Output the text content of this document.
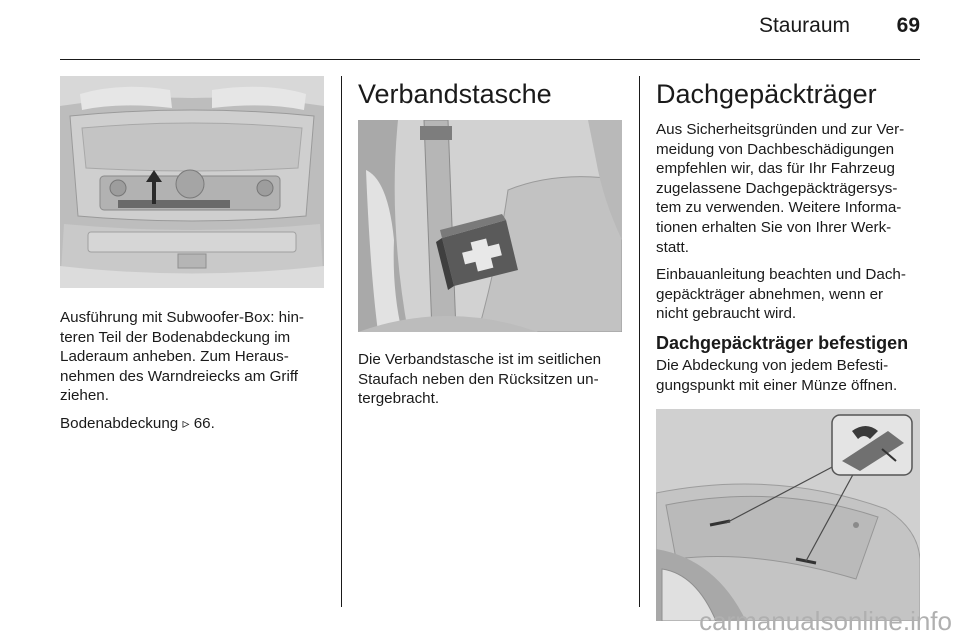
Stauraum	69

Ausführung mit Subwoofer-Box: hin-
teren Teil der Bodenabdeckung im
Laderaum anheben. Zum Heraus-
nehmen des Warndreiecks am Griff
ziehen.

Bodenabdeckung ▹ 66.

Verbandstasche

Die Verbandstasche ist im seitlichen
Staufach neben den Rücksitzen un-
tergebracht.

Dachgepäckträger

Aus Sicherheitsgründen und zur Ver-
meidung von Dachbeschädigungen
empfehlen wir, das für Ihr Fahrzeug
zugelassene Dachgepäckträgersys-
tem zu verwenden. Weitere Informa-
tionen erhalten Sie von Ihrer Werk-
statt.

Einbauanleitung beachten und Dach-
gepäckträger abnehmen, wenn er
nicht gebraucht wird.

Dachgepäckträger befestigen

Die Abdeckung von jedem Befesti-
gungspunkt mit einer Münze öffnen.

carmanualsonline.info
